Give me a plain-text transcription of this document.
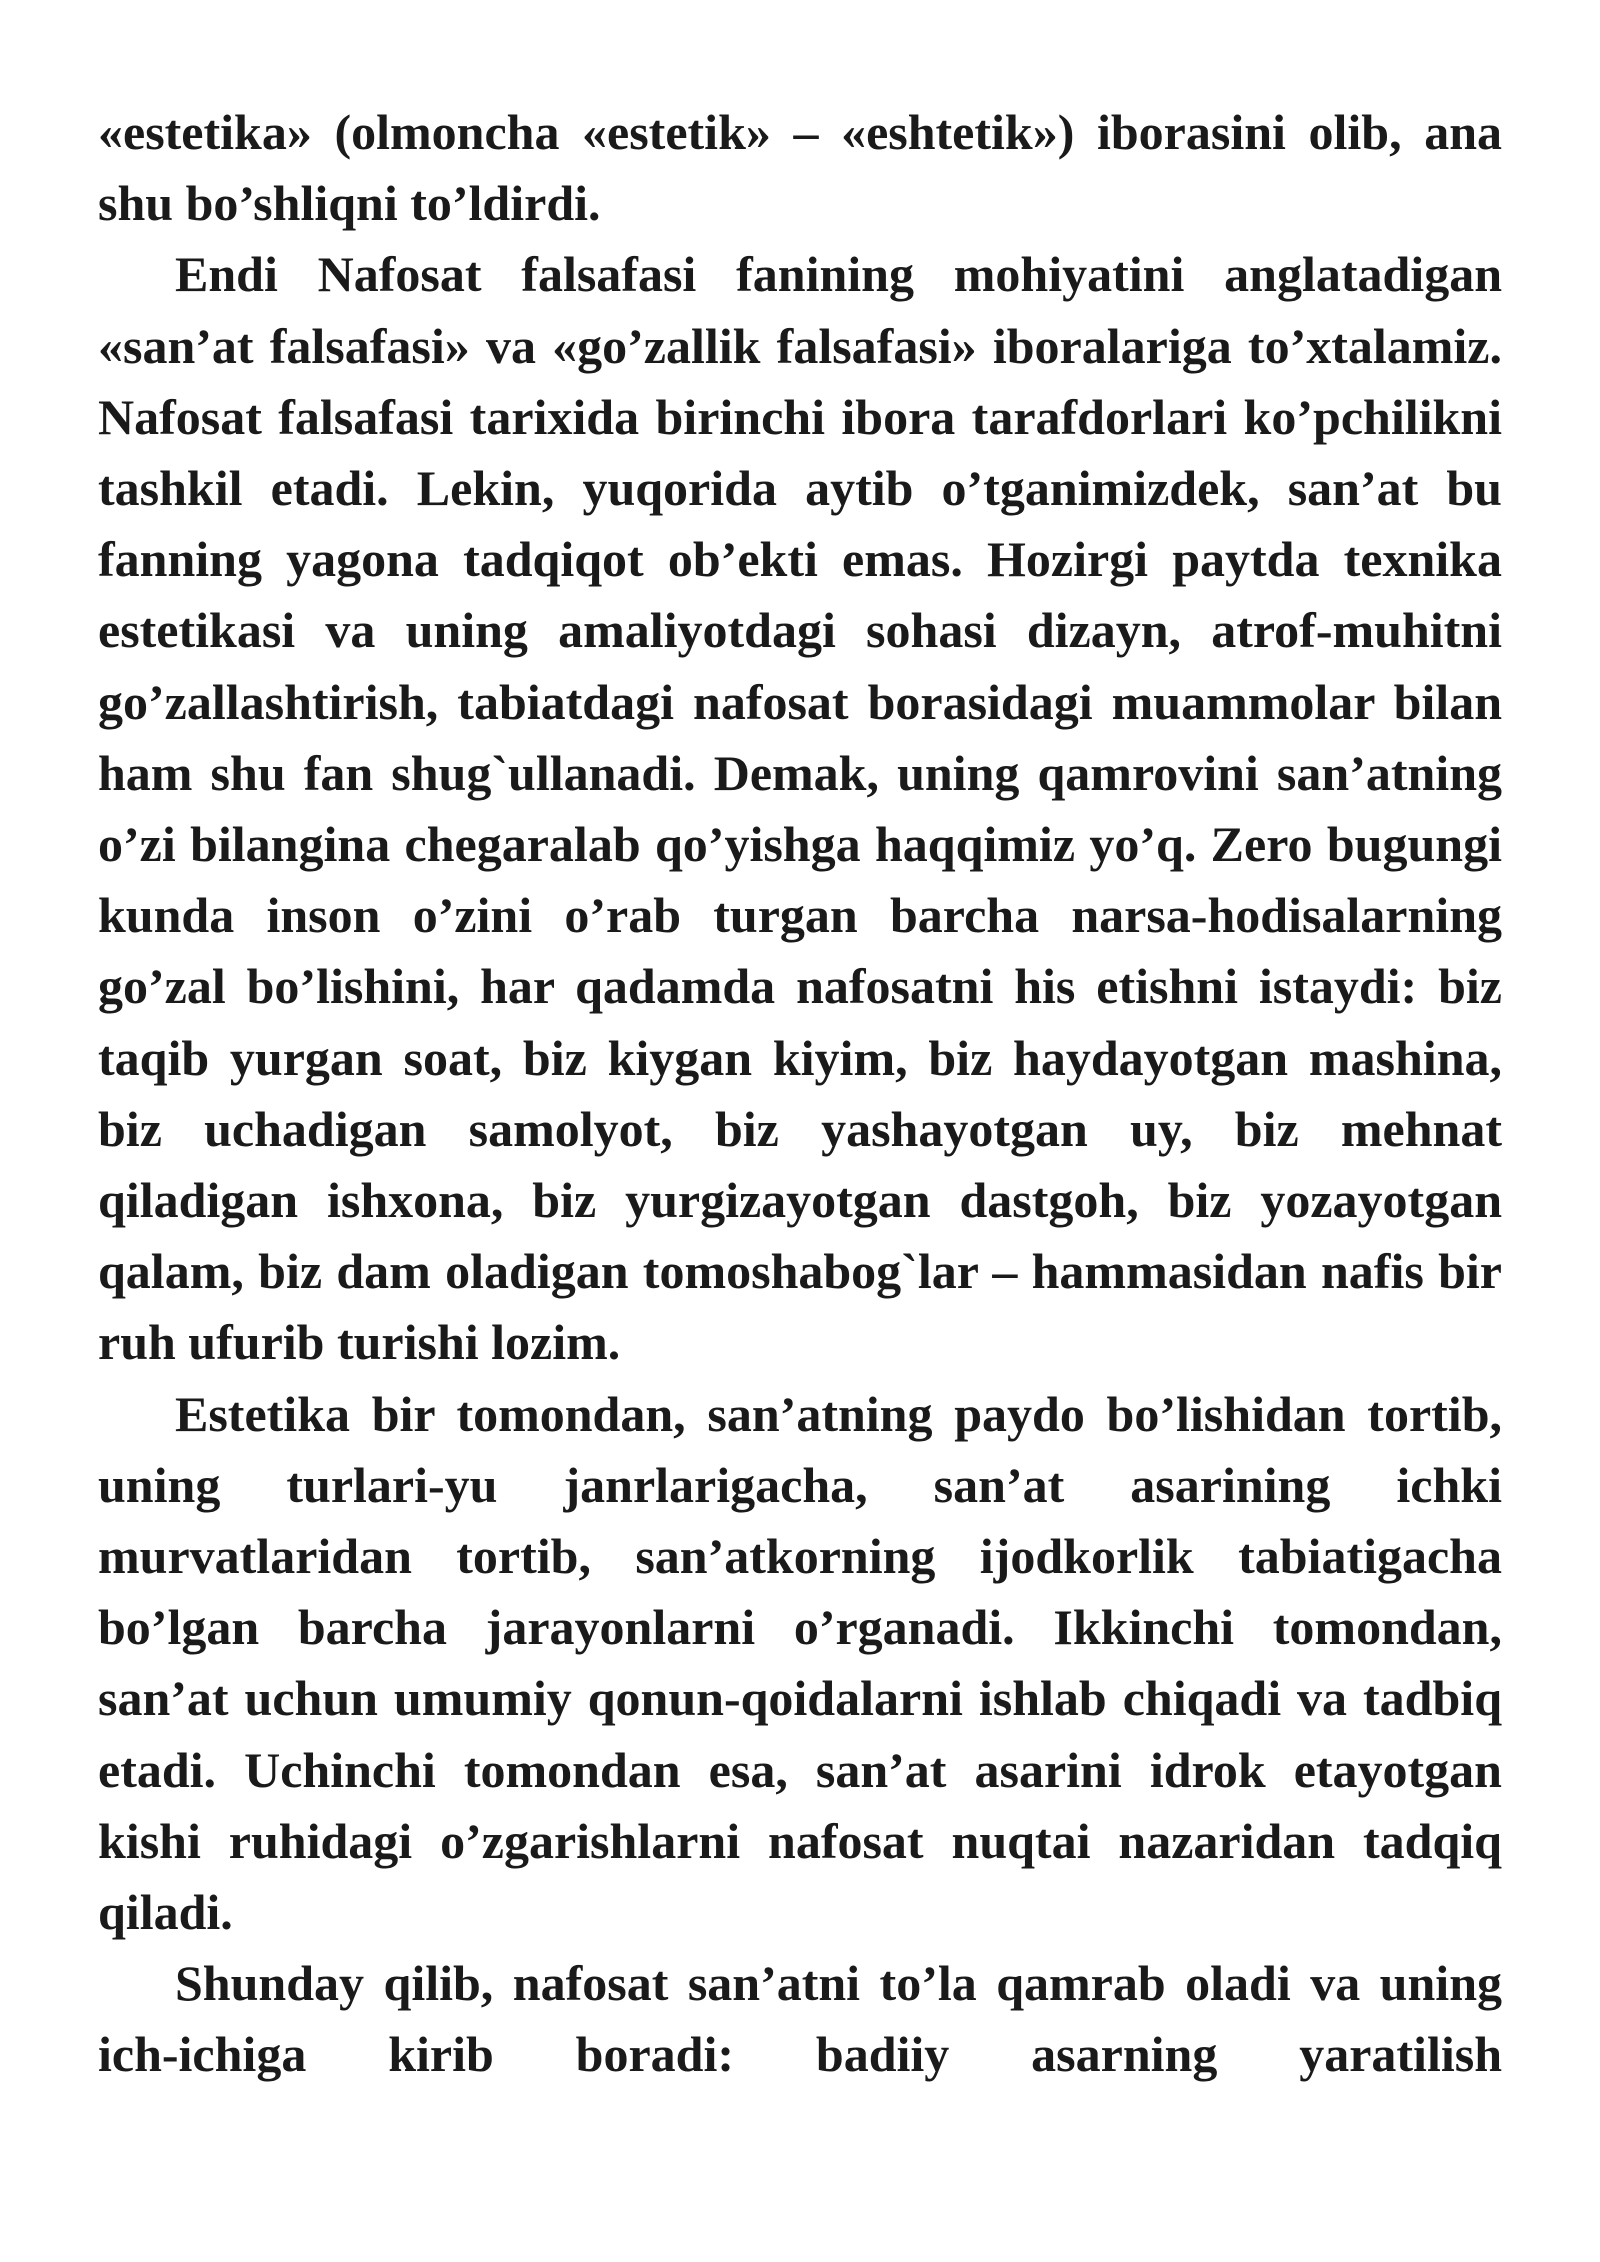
«estetika» (olmoncha «estetik» – «eshtetik») iborasini olib, ana shu bo’shliqni to’ldirdi.

Endi Nafosat falsafasi fanining mohiyatini anglatadigan «san’at falsafasi» va «go’zallik falsafasi» iboralariga to’xtalamiz. Nafosat falsafasi tarixida birinchi ibora tarafdorlari ko’pchilikni tashkil etadi. Lekin, yuqorida aytib o’tganimizdek, san’at bu fanning yagona tadqiqot ob’ekti emas. Hozirgi paytda texnika estetikasi va uning amaliyotdagi sohasi dizayn, atrof-muhitni go’zallashtirish, tabiatdagi nafosat borasidagi muammolar bilan ham shu fan shug`ullanadi. Demak, uning qamrovini san’atning o’zi bilangina chegaralab qo’yishga haqqimiz yo’q. Zero bugungi kunda inson o’zini o’rab turgan barcha narsa-hodisalarning go’zal bo’lishini, har qadamda nafosatni his etishni istaydi: biz taqib yurgan soat, biz kiygan kiyim, biz haydayotgan mashina, biz uchadigan samolyot, biz yashayotgan uy, biz mehnat qiladigan ishxona, biz yurgizayotgan dastgoh, biz yozayotgan qalam, biz dam oladigan tomoshabog`lar – hammasidan nafis bir ruh ufurib turishi lozim.

Estetika bir tomondan, san’atning paydo bo’lishidan tortib, uning turlari-yu janrlarigacha, san’at asarining ichki murvatlaridan tortib, san’atkorning ijodkorlik tabiatigacha bo’lgan barcha jarayonlarni o’rganadi. Ikkinchi tomondan, san’at uchun umumiy qonun-qoidalarni ishlab chiqadi va tadbiq etadi. Uchinchi tomondan esa, san’at asarini idrok etayotgan kishi ruhidagi o’zgarishlarni nafosat nuqtai nazaridan tadqiq qiladi.

Shunday qilib, nafosat san’atni to’la qamrab oladi va uning ich-ichiga kirib boradi: badiiy asarning yaratilish
